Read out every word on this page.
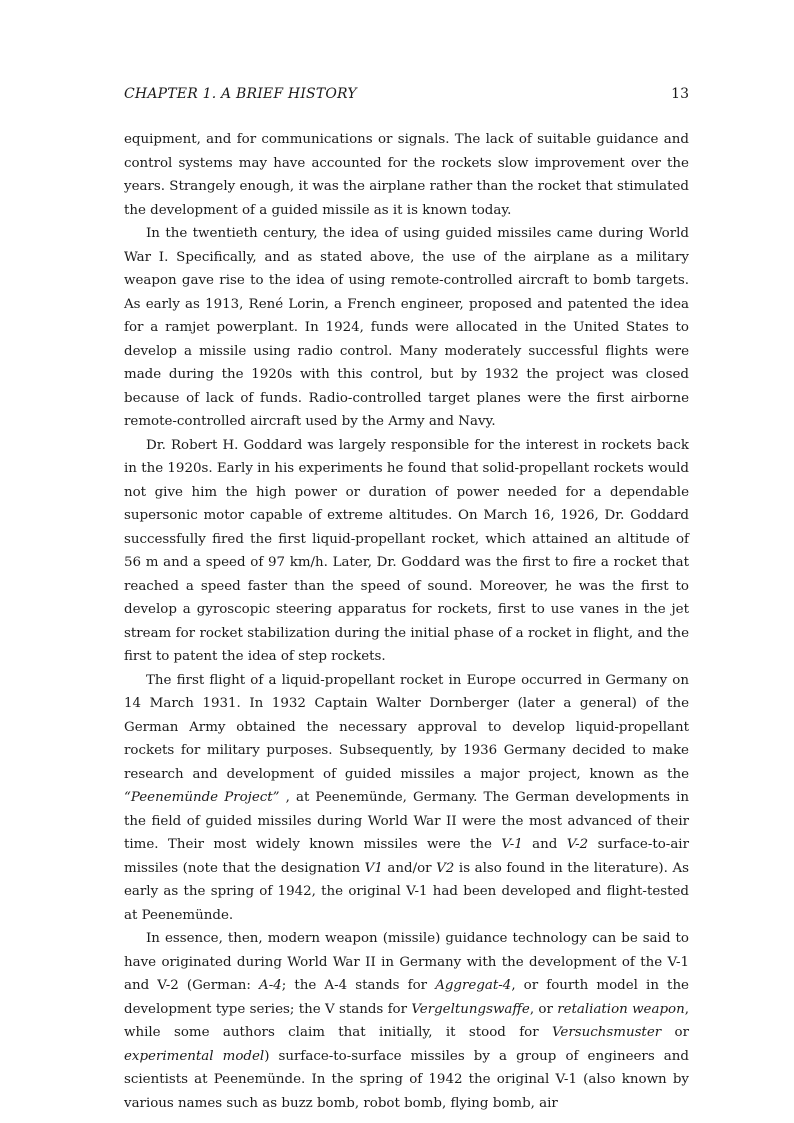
CHAPTER 1. A BRIEF HISTORY	13

equipment, and for communications or signals. The lack of suitable guidance and control systems may have accounted for the rockets slow improvement over the years. Strangely enough, it was the airplane rather than the rocket that stimulated the development of a guided missile as it is known today.

In the twentieth century, the idea of using guided missiles came during World War I. Specifically, and as stated above, the use of the airplane as a military weapon gave rise to the idea of using remote-controlled aircraft to bomb targets. As early as 1913, René Lorin, a French engineer, proposed and patented the idea for a ramjet powerplant. In 1924, funds were allocated in the United States to develop a missile using radio control. Many moderately successful flights were made during the 1920s with this control, but by 1932 the project was closed because of lack of funds. Radio-controlled target planes were the first airborne remote-controlled aircraft used by the Army and Navy.

Dr. Robert H. Goddard was largely responsible for the interest in rockets back in the 1920s. Early in his experiments he found that solid-propellant rockets would not give him the high power or duration of power needed for a dependable supersonic motor capable of extreme altitudes. On March 16, 1926, Dr. Goddard successfully fired the first liquid-propellant rocket, which attained an altitude of 56 m and a speed of 97 km/h. Later, Dr. Goddard was the first to fire a rocket that reached a speed faster than the speed of sound. Moreover, he was the first to develop a gyroscopic steering apparatus for rockets, first to use vanes in the jet stream for rocket stabilization during the initial phase of a rocket in flight, and the first to patent the idea of step rockets.

The first flight of a liquid-propellant rocket in Europe occurred in Germany on 14 March 1931. In 1932 Captain Walter Dornberger (later a general) of the German Army obtained the necessary approval to develop liquid-propellant rockets for military purposes. Subsequently, by 1936 Germany decided to make research and development of guided missiles a major project, known as the “Peenemünde Project” , at Peenemünde, Germany. The German developments in the field of guided missiles during World War II were the most advanced of their time. Their most widely known missiles were the V-1 and V-2 surface-to-air missiles (note that the designation V1 and/or V2 is also found in the literature). As early as the spring of 1942, the original V-1 had been developed and flight-tested at Peenemünde.

In essence, then, modern weapon (missile) guidance technology can be said to have originated during World War II in Germany with the development of the V-1 and V-2 (German: A-4; the A-4 stands for Aggregat-4, or fourth model in the development type series; the V stands for Vergeltungswaffe, or retaliation weapon, while some authors claim that initially, it stood for Versuchsmuster or experimental model) surface-to-surface missiles by a group of engineers and scientists at Peenemünde. In the spring of 1942 the original V-1 (also known by various names such as buzz bomb, robot bomb, flying bomb, air
